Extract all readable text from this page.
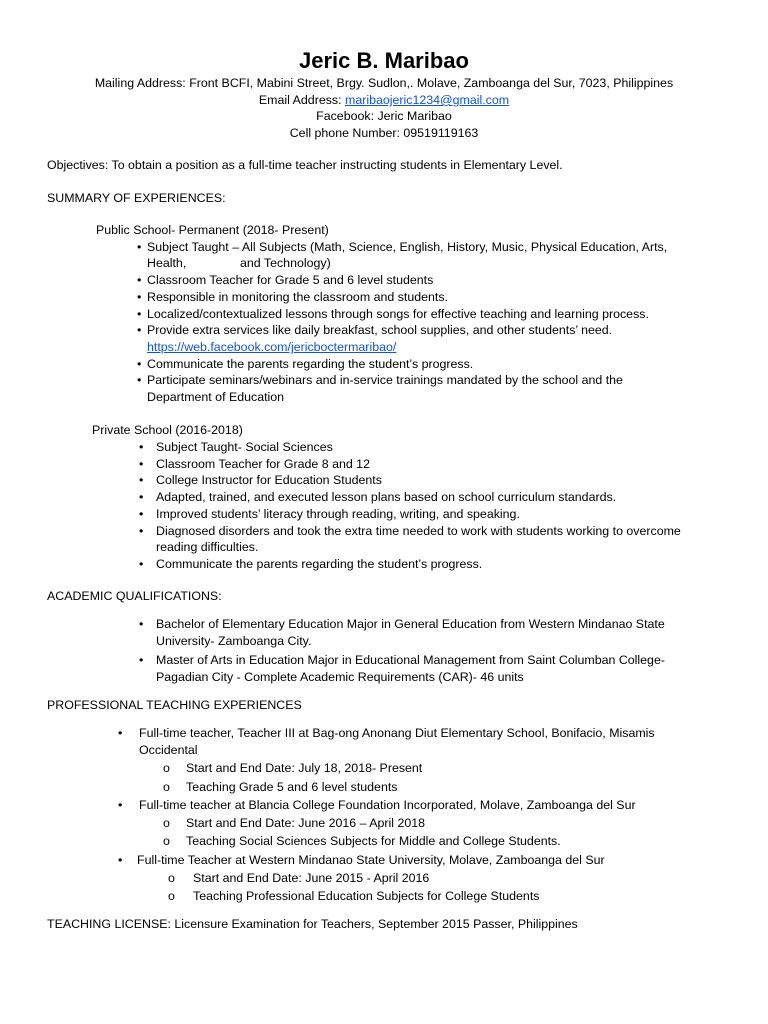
Jeric B. Maribao
Mailing Address: Front BCFI, Mabini Street, Brgy. Sudlon,. Molave, Zamboanga del Sur, 7023, Philippines
Email Address: maribaojeric1234@gmail.com
Facebook: Jeric Maribao
Cell phone Number: 09519119163
Objectives: To obtain a position as a full-time teacher instructing students in Elementary Level.
SUMMARY OF EXPERIENCES:
Public School- Permanent (2018- Present)
• Subject Taught – All Subjects (Math, Science, English, History, Music, Physical Education, Arts,
Health,	and Technology)
• Classroom Teacher for Grade 5 and 6 level students
• Responsible in monitoring the classroom and students.
• Localized/contextualized lessons through songs for effective teaching and learning process.
• Provide extra services like daily breakfast, school supplies, and other students’ need.
https://web.facebook.com/jericboctermaribao/
• Communicate the parents regarding the student’s progress.
• Participate seminars/webinars and in-service trainings mandated by the school and the
Department of Education
Private School (2016-2018)
• Subject Taught- Social Sciences
• Classroom Teacher for Grade 8 and 12
• College Instructor for Education Students
• Adapted, trained, and executed lesson plans based on school curriculum standards.
• Improved students’ literacy through reading, writing, and speaking.
• Diagnosed disorders and took the extra time needed to work with students working to overcome
reading difficulties.
• Communicate the parents regarding the student’s progress.
ACADEMIC QUALIFICATIONS:
• Bachelor of Elementary Education Major in General Education from Western Mindanao State
University- Zamboanga City.
• Master of Arts in Education Major in Educational Management from Saint Columban College-
Pagadian City - Complete Academic Requirements (CAR)- 46 units
PROFESSIONAL TEACHING EXPERIENCES
• Full-time teacher, Teacher III at Bag-ong Anonang Diut Elementary School, Bonifacio, Misamis
Occidental
o Start and End Date: July 18, 2018- Present
o Teaching Grade 5 and 6 level students
• Full-time teacher at Blancia College Foundation Incorporated, Molave, Zamboanga del Sur
o Start and End Date: June 2016 – April 2018
o Teaching Social Sciences Subjects for Middle and College Students.
• Full-time Teacher at Western Mindanao State University, Molave, Zamboanga del Sur
o Start and End Date: June 2015 - April 2016
o Teaching Professional Education Subjects for College Students
TEACHING LICENSE: Licensure Examination for Teachers, September 2015 Passer, Philippines
